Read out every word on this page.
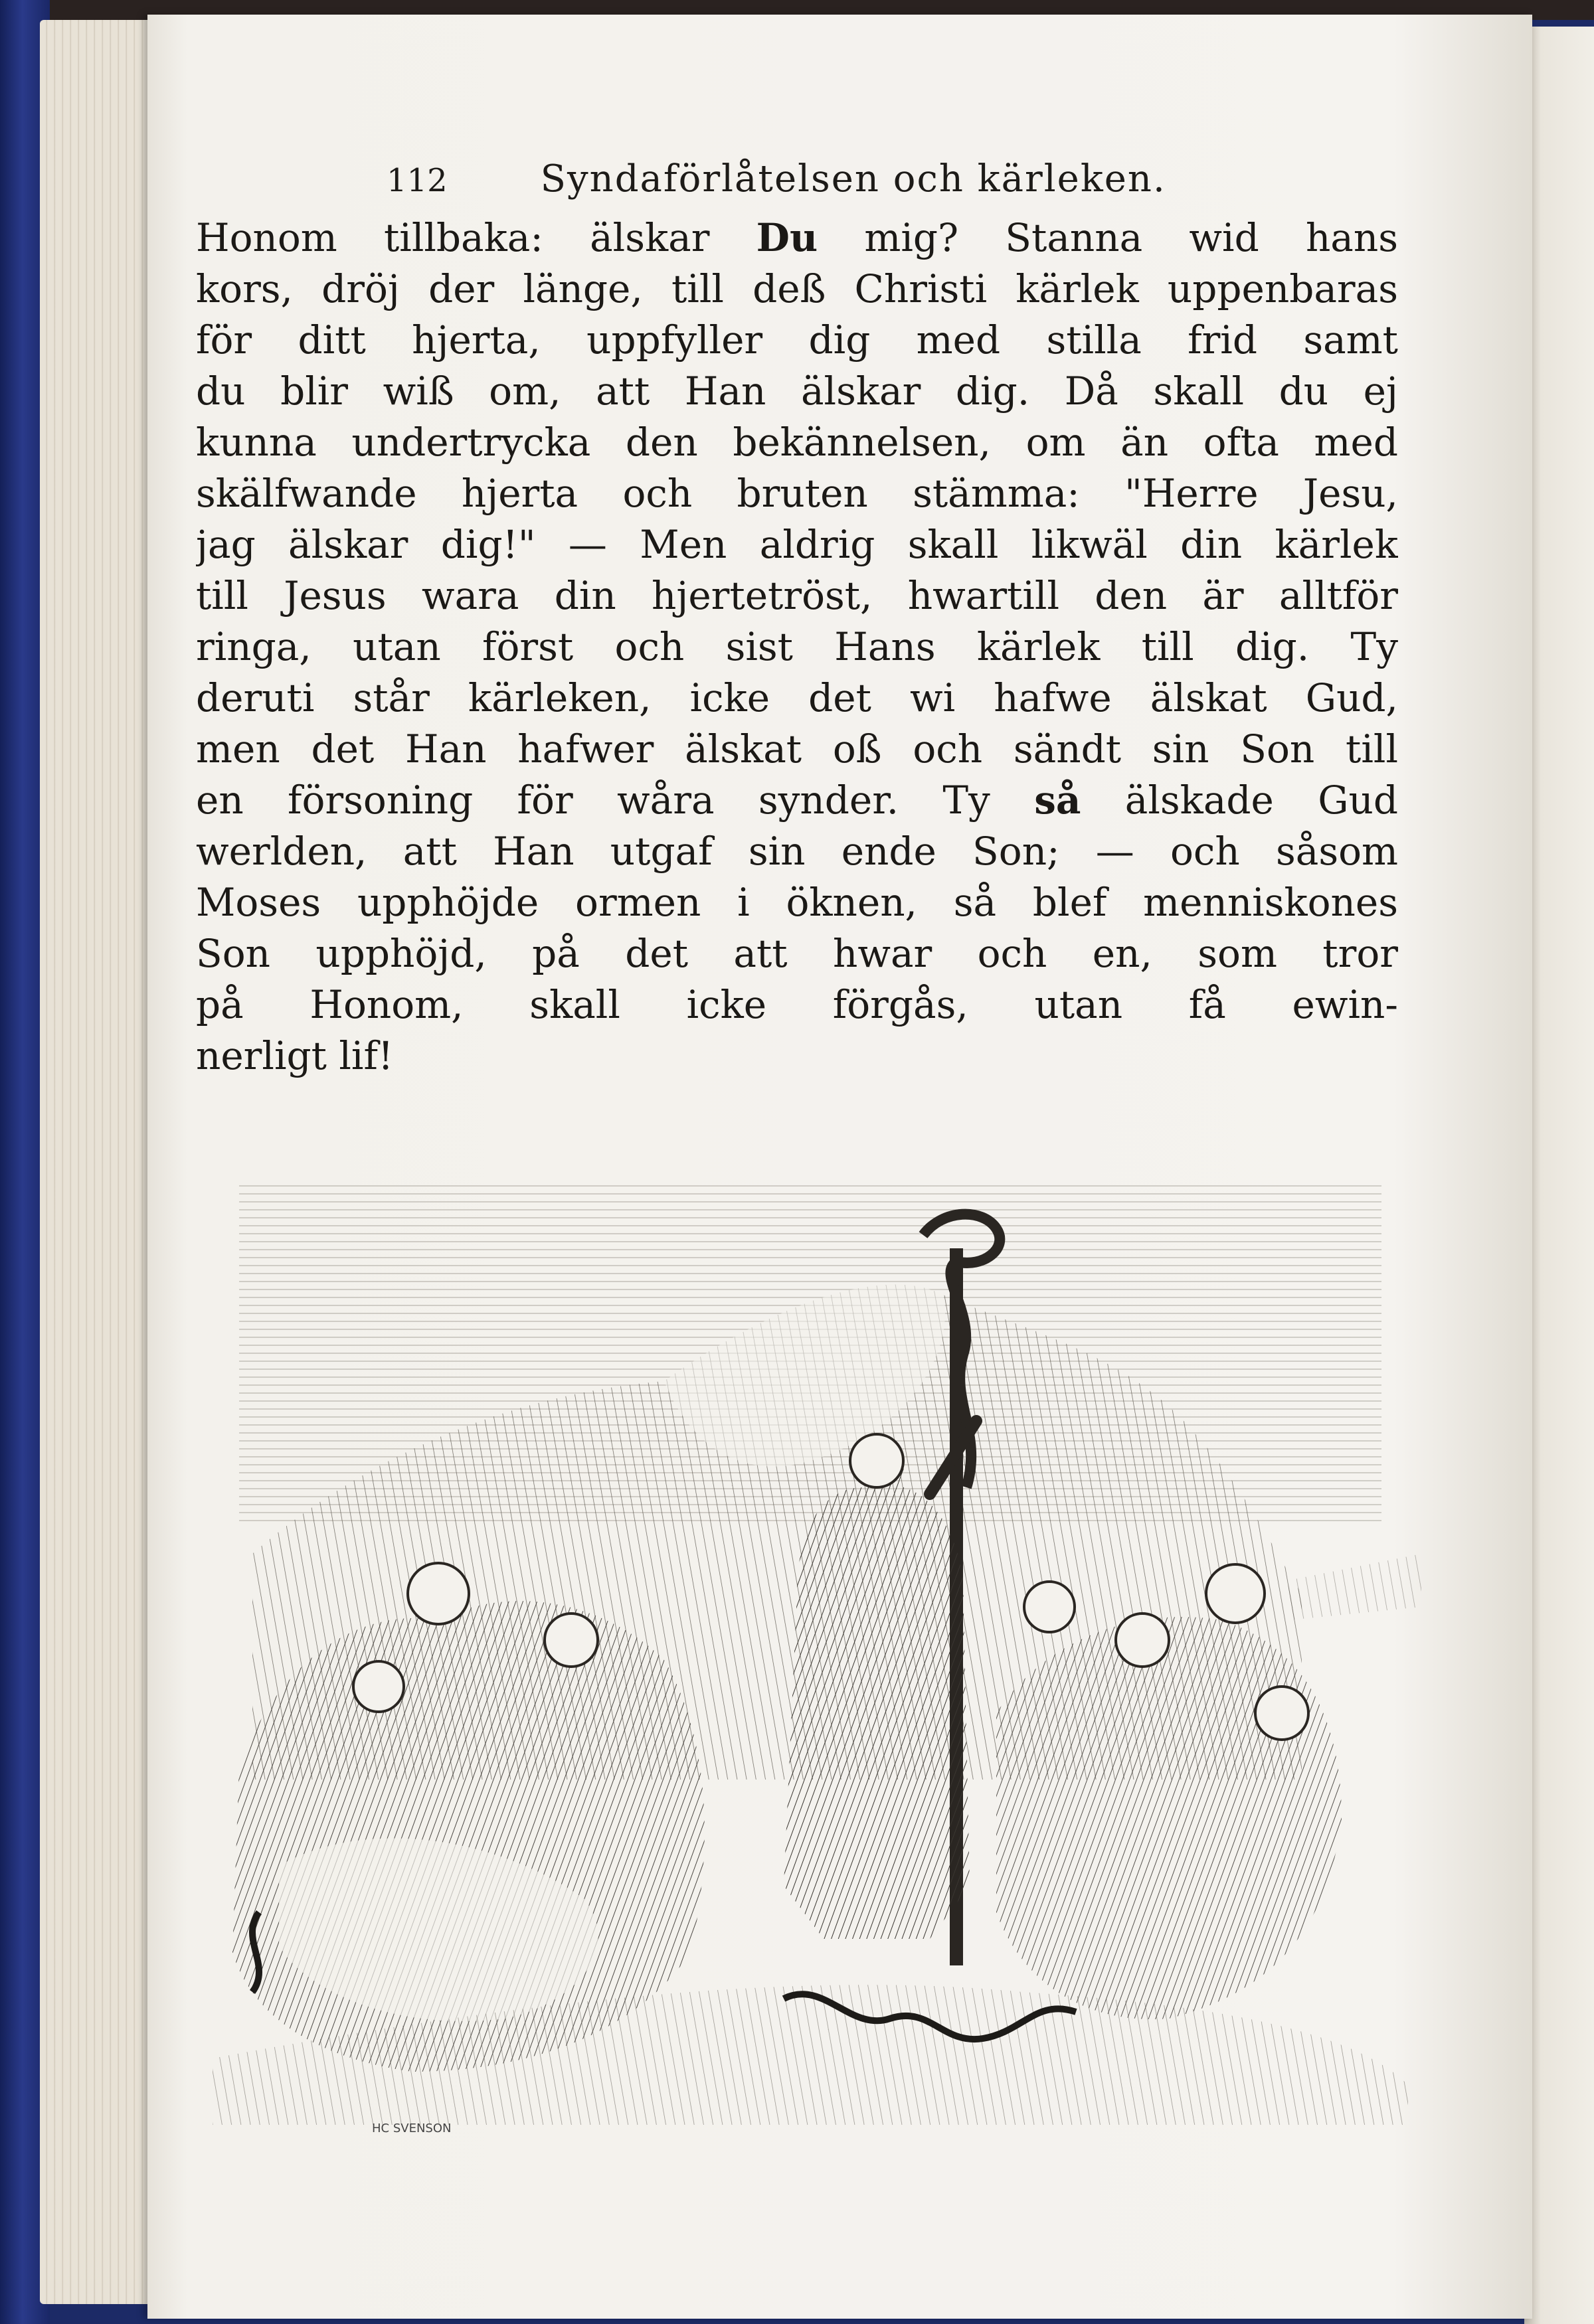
112	Syndaförlåtelsen och kärleken.
Honom tillbaka: älskar Du mig? Stanna wid hans
kors, dröj der länge, till deß Christi kärlek uppenbaras
för ditt hjerta, uppfyller dig med stilla frid samt
du blir wiß om, att Han älskar dig. Då skall du ej
kunna undertrycka den bekännelsen, om än ofta med
skälfwande hjerta och bruten stämma: "Herre Jesu,
jag älskar dig!" — Men aldrig skall likwäl din kärlek
till Jesus wara din hjertetröst, hwartill den är alltför
ringa, utan först och sist Hans kärlek till dig. Ty
deruti står kärleken, icke det wi hafwe älskat Gud,
men det Han hafwer älskat oß och sändt sin Son till
en försoning för wåra synder. Ty så älskade Gud
werlden, att Han utgaf sin ende Son; — och såsom
Moses upphöjde ormen i öknen, så blef menniskones
Son upphöjd, på det att hwar och en, som tror
på Honom, skall icke förgås, utan få ewin-
nerligt lif!
HC SVENSON
